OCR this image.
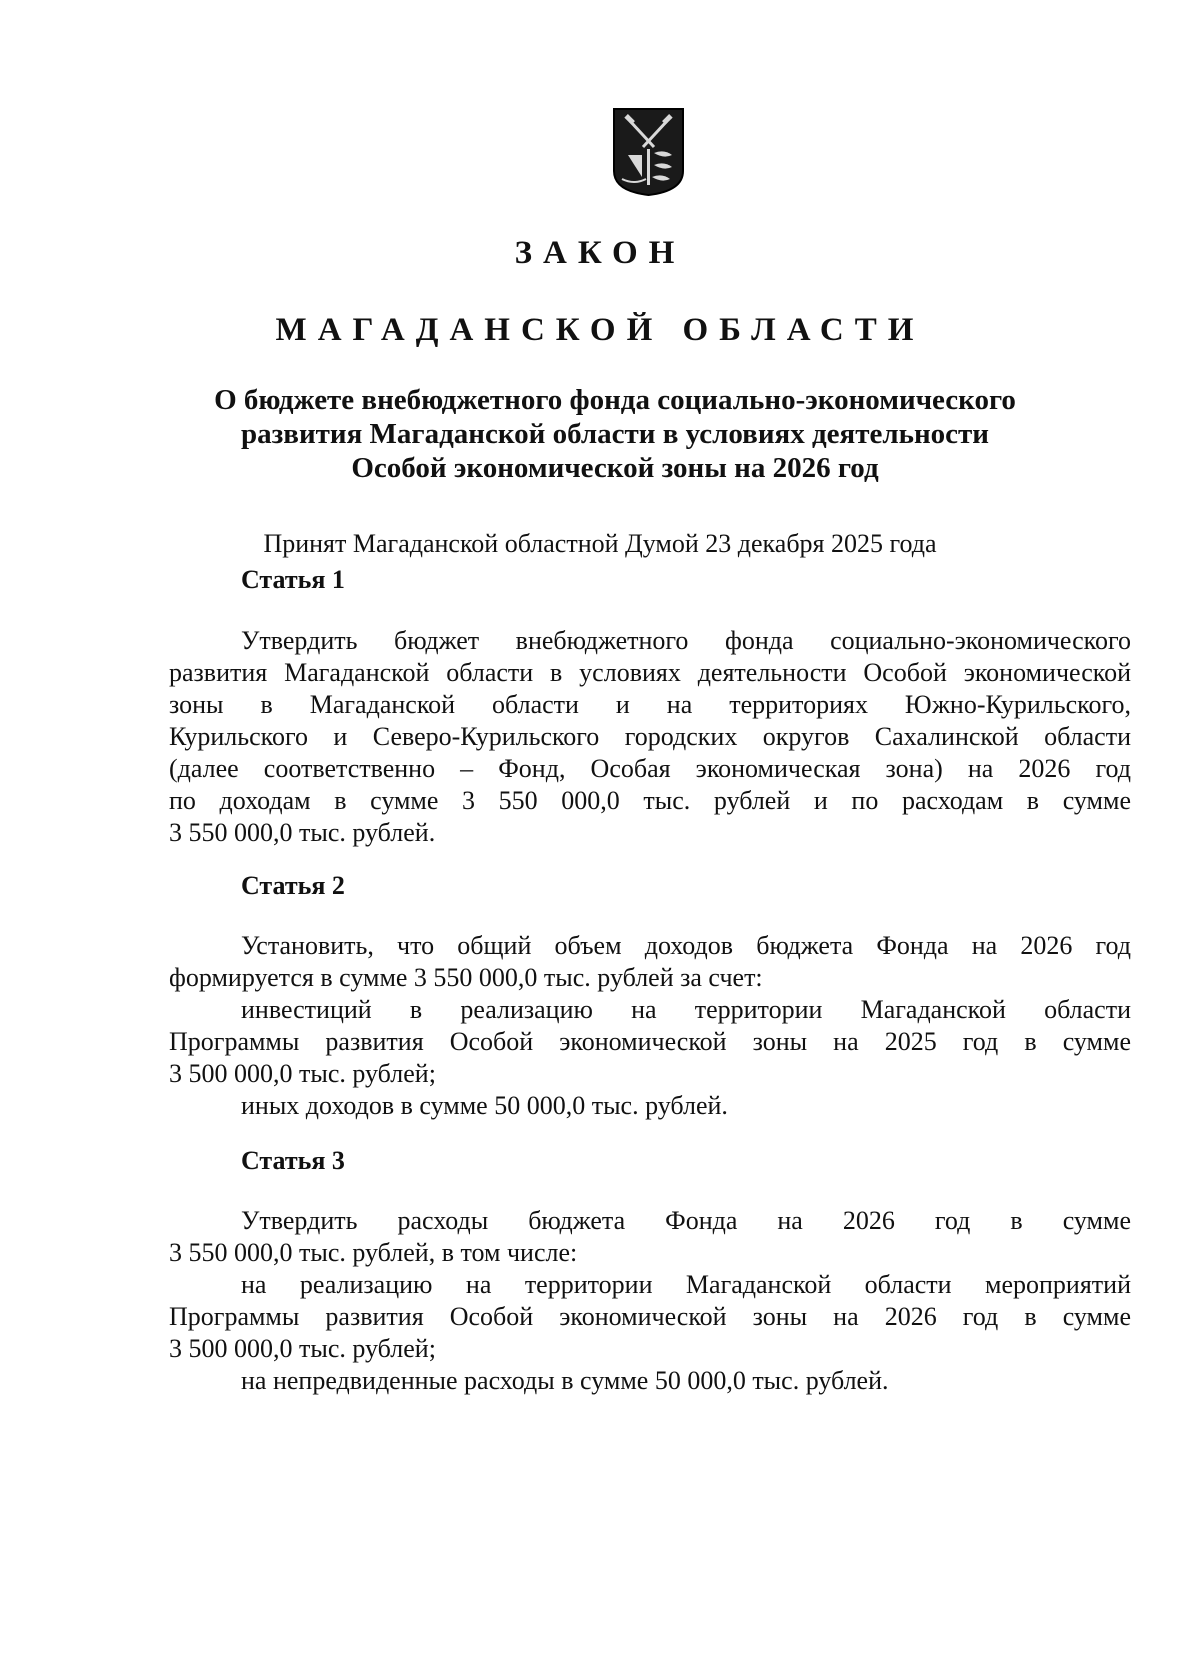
ЗАКОН
МАГАДАНСКОЙ ОБЛАСТИ
О бюджете внебюджетного фонда социально-экономического
развития Магаданской области в условиях деятельности
Особой экономической зоны на 2026 год
Принят Магаданской областной Думой 23 декабря 2025 года
Статья 1
Утвердить бюджет внебюджетного фонда социально-экономического
развития Магаданской области в условиях деятельности Особой экономической
зоны в Магаданской области и на территориях Южно-Курильского,
Курильского и Северо-Курильского городских округов Сахалинской области
(далее соответственно – Фонд, Особая экономическая зона) на 2026 год
по доходам в сумме 3 550 000,0 тыс. рублей и по расходам в сумме
3 550 000,0 тыс. рублей.
Статья 2
Установить, что общий объем доходов бюджета Фонда на 2026 год
формируется в сумме 3 550 000,0 тыс. рублей за счет:
инвестиций в реализацию на территории Магаданской области
Программы развития Особой экономической зоны на 2025 год в сумме
3 500 000,0 тыс. рублей;
иных доходов в сумме 50 000,0 тыс. рублей.
Статья 3
Утвердить расходы бюджета Фонда на 2026 год в сумме
3 550 000,0 тыс. рублей, в том числе:
на реализацию на территории Магаданской области мероприятий
Программы развития Особой экономической зоны на 2026 год в сумме
3 500 000,0 тыс. рублей;
на непредвиденные расходы в сумме 50 000,0 тыс. рублей.
